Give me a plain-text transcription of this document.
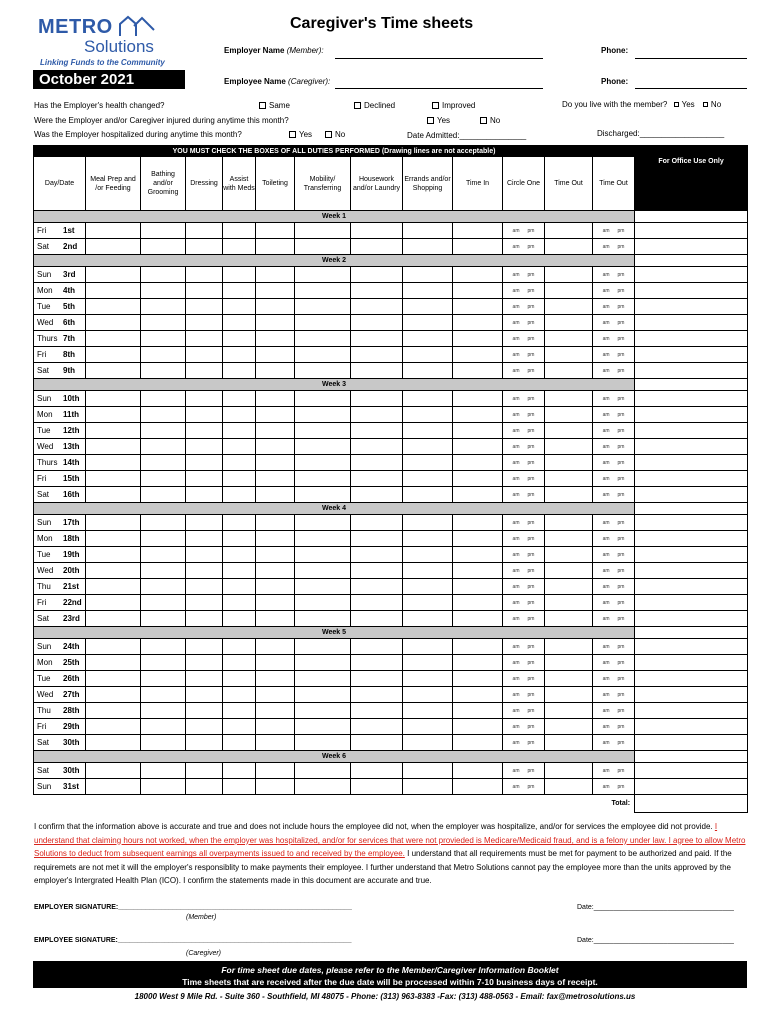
METRO
Solutions
Linking Funds to the Community
October 2021
Caregiver's Time sheets
Employer Name (Member):	Phone:
Employee Name (Caregiver):	Phone:
Has the Employer's health changed?	Same	Declined	Improved	Do you live with the member? Yes No
Were the Employer and/or Caregiver injured during anytime this month?	Yes	No
Was the Employer hospitalized during anytime this month?	Yes	No	Date Admitted:_______________	Discharged:___________________
YOU MUST CHECK THE BOXES OF ALL DUTIES PERFORMED (Drawing lines are not acceptable)													For Office Use Only
Day/Date	Meal Prep and /or Feeding	Bathing and/or Grooming	Dressing	Assist with Meds	Toileting	Mobility/ Transferring	Housework and/or Laundry	Errands and/or Shopping	Time In	Circle One	Time Out	Time Out	
Week 1													
Fri 1st										am pm		am pm	
Sat 2nd										am pm		am pm	
Week 2													
Sun 3rd										am pm		am pm	
Mon 4th										am pm		am pm	
Tue 5th										am pm		am pm	
Wed 6th										am pm		am pm	
Thurs 7th										am pm		am pm	
Fri 8th										am pm		am pm	
Sat 9th										am pm		am pm	
Week 3													
Sun 10th										am pm		am pm	
Mon 11th										am pm		am pm	
Tue 12th										am pm		am pm	
Wed 13th										am pm		am pm	
Thurs 14th										am pm		am pm	
Fri 15th										am pm		am pm	
Sat 16th										am pm		am pm	
Week 4													
Sun 17th										am pm		am pm	
Mon 18th										am pm		am pm	
Tue 19th										am pm		am pm	
Wed 20th										am pm		am pm	
Thu 21st										am pm		am pm	
Fri 22nd										am pm		am pm	
Sat 23rd										am pm		am pm	
Week 5													
Sun 24th										am pm		am pm	
Mon 25th										am pm		am pm	
Tue 26th										am pm		am pm	
Wed 27th										am pm		am pm	
Thu 28th										am pm		am pm	
Fri 29th										am pm		am pm	
Sat 30th										am pm		am pm	
Week 6													
Sat 30th										am pm		am pm	
Sun 31st										am pm		am pm	
Total:													
I confirm that the information above is accurate and true and does not include hours the employee did not, when the employer was hospitalize, and/or for services the employee did not provide. I understand that claiming hours not worked, when the employer was hospitalized, and/or for services that were not provieded is Medicare/Medicaid fraud, and is a felony under law. I agree to allow Metro Solutions to deduct from subsequent earnings all overpayments issued to and received by the employee. I understand that all requirements must be met for payment to be authorized and paid. If the requiremets are not met it will the employer's responsiblity to make payments their employee. I further understand that Metro Solutions cannot pay the employee more than the units approved by the employer's Intergrated Health Plan (ICO). I confirm the statements made in this document are accurate and true.
EMPLOYER SIGNATURE:____________________________________________________________
(Member)
Date:____________________________________
EMPLOYEE SIGNATURE:____________________________________________________________
(Caregiver)
Date:____________________________________
For time sheet due dates, please refer to the Member/Caregiver Information Booklet
Time sheets that are received after the due date will be processed within 7-10 business days of receipt.
18000 West 9 Mile Rd. - Suite 360 - Southfield, MI 48075 - Phone: (313) 963-8383 -Fax: (313) 488-0563 - Email: fax@metrosolutions.us
